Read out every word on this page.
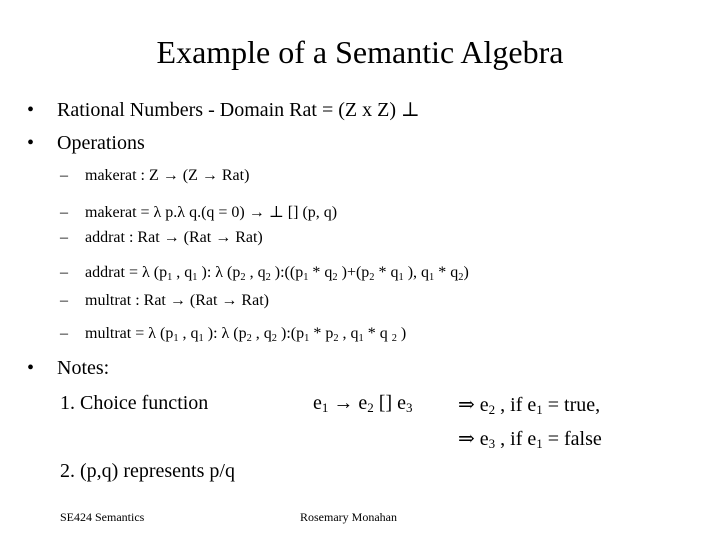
Example of a Semantic Algebra
• Rational Numbers - Domain Rat = (Z x Z) ⊥
• Operations
– makerat : Z → (Z → Rat)
– makerat = λ p.λ q.(q = 0) → ⊥ [] (p, q)
– addrat : Rat → (Rat → Rat)
– addrat = λ ($p_1$ , $q_1$ ): λ ($p_2$ , $q_2$ )$:((p_1 * q_2$ )$+(p_2 * q_1$ ), $q_1 * q_2$)
– multrat : Rat → (Rat → Rat)
– multrat = λ ($p_1$ , $q_1$ ): λ ($p_2$ , $q_2$ )$:(p_1 * p_2$ , $q_1$ * q $_2$ )
• Notes:
1. Choice function	$e_1 \to e_2$ [] $e_3$ ⇒ $e_2$ , if $e_1$ = true,
⇒ $e_3$ , if $e_1$ = false
2. (p,q) represents p/q
SE424 Semantics	Rosemary Monahan
